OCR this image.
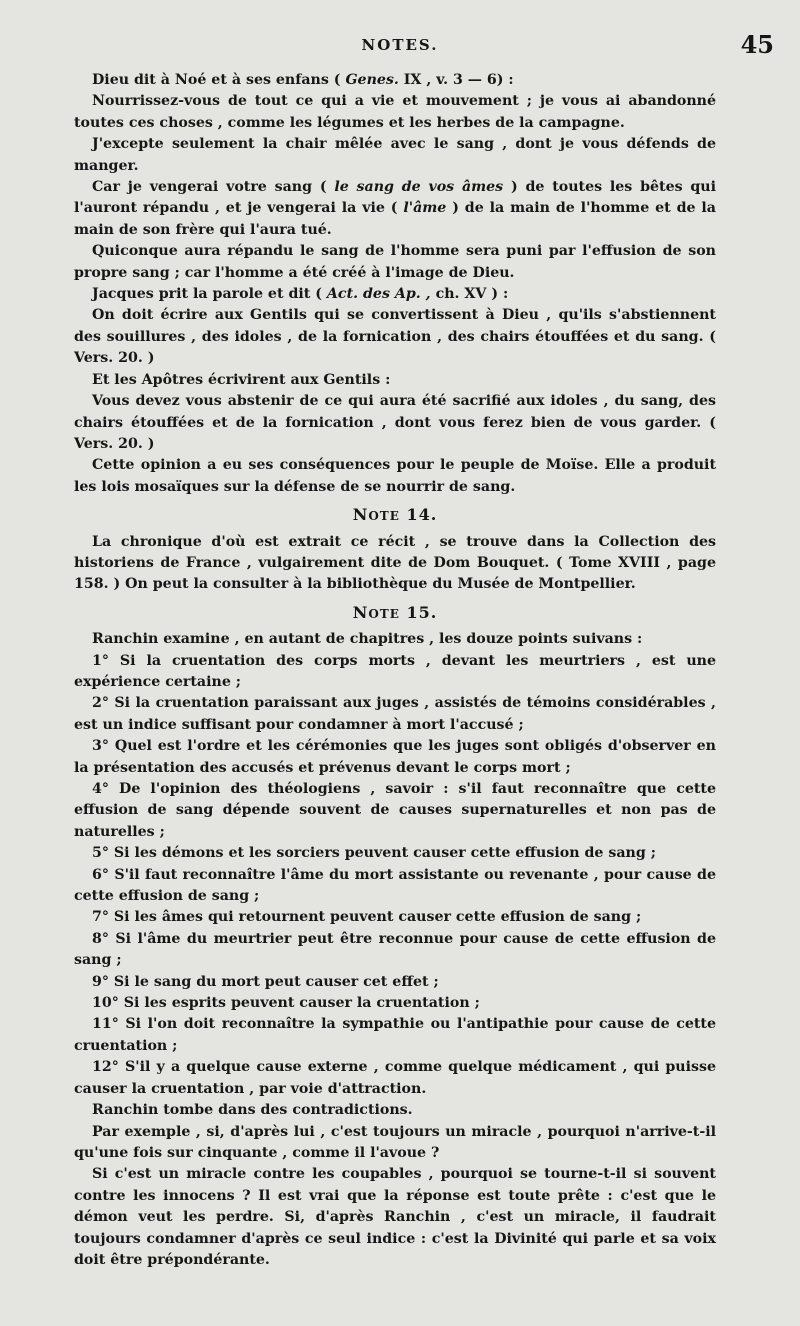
NOTES.	45

Dieu dit à Noé et à ses enfans ( Genes. IX , v. 3 — 6) :

Nourrissez-vous de tout ce qui a vie et mouvement ; je vous ai abandonné toutes ces choses , comme les légumes et les herbes de la campagne.

J'excepte seulement la chair mêlée avec le sang , dont je vous défends de manger.

Car je vengerai votre sang ( le sang de vos âmes ) de toutes les bêtes qui l'auront répandu , et je vengerai la vie ( l'âme ) de la main de l'homme et de la main de son frère qui l'aura tué.

Quiconque aura répandu le sang de l'homme sera puni par l'effusion de son propre sang ; car l'homme a été créé à l'image de Dieu.

Jacques prit la parole et dit ( Act. des Ap. , ch. XV ) :

On doit écrire aux Gentils qui se convertissent à Dieu , qu'ils s'abstiennent des souillures , des idoles , de la fornication , des chairs étouffées et du sang. ( Vers. 20. )

Et les Apôtres écrivirent aux Gentils :

Vous devez vous abstenir de ce qui aura été sacrifié aux idoles , du sang, des chairs étouffées et de la fornication , dont vous ferez bien de vous garder. ( Vers. 20. )

Cette opinion a eu ses conséquences pour le peuple de Moïse. Elle a produit les lois mosaïques sur la défense de se nourrir de sang.

NOTE 14.

La chronique d'où est extrait ce récit , se trouve dans la Collection des historiens de France , vulgairement dite de Dom Bouquet. ( Tome XVIII , page 158. ) On peut la consulter à la bibliothèque du Musée de Montpellier.

NOTE 15.

Ranchin examine , en autant de chapitres , les douze points suivans :

1° Si la cruentation des corps morts , devant les meurtriers , est une expérience certaine ;

2° Si la cruentation paraissant aux juges , assistés de témoins considérables , est un indice suffisant pour condamner à mort l'accusé ;

3° Quel est l'ordre et les cérémonies que les juges sont obligés d'observer en la présentation des accusés et prévenus devant le corps mort ;

4° De l'opinion des théologiens , savoir : s'il faut reconnaître que cette effusion de sang dépende souvent de causes supernaturelles et non pas de naturelles ;

5° Si les démons et les sorciers peuvent causer cette effusion de sang ;

6° S'il faut reconnaître l'âme du mort assistante ou revenante , pour cause de cette effusion de sang ;

7° Si les âmes qui retournent peuvent causer cette effusion de sang ;

8° Si l'âme du meurtrier peut être reconnue pour cause de cette effusion de sang ;

9° Si le sang du mort peut causer cet effet ;

10° Si les esprits peuvent causer la cruentation ;

11° Si l'on doit reconnaître la sympathie ou l'antipathie pour cause de cette cruentation ;

12° S'il y a quelque cause externe , comme quelque médicament , qui puisse causer la cruentation , par voie d'attraction.

Ranchin tombe dans des contradictions.

Par exemple , si, d'après lui , c'est toujours un miracle , pourquoi n'arrive-t-il qu'une fois sur cinquante , comme il l'avoue ?

Si c'est un miracle contre les coupables , pourquoi se tourne-t-il si souvent contre les innocens ? Il est vrai que la réponse est toute prête : c'est que le démon veut les perdre. Si, d'après Ranchin , c'est un miracle, il faudrait toujours condamner d'après ce seul indice : c'est la Divinité qui parle et sa voix doit être prépondérante.
